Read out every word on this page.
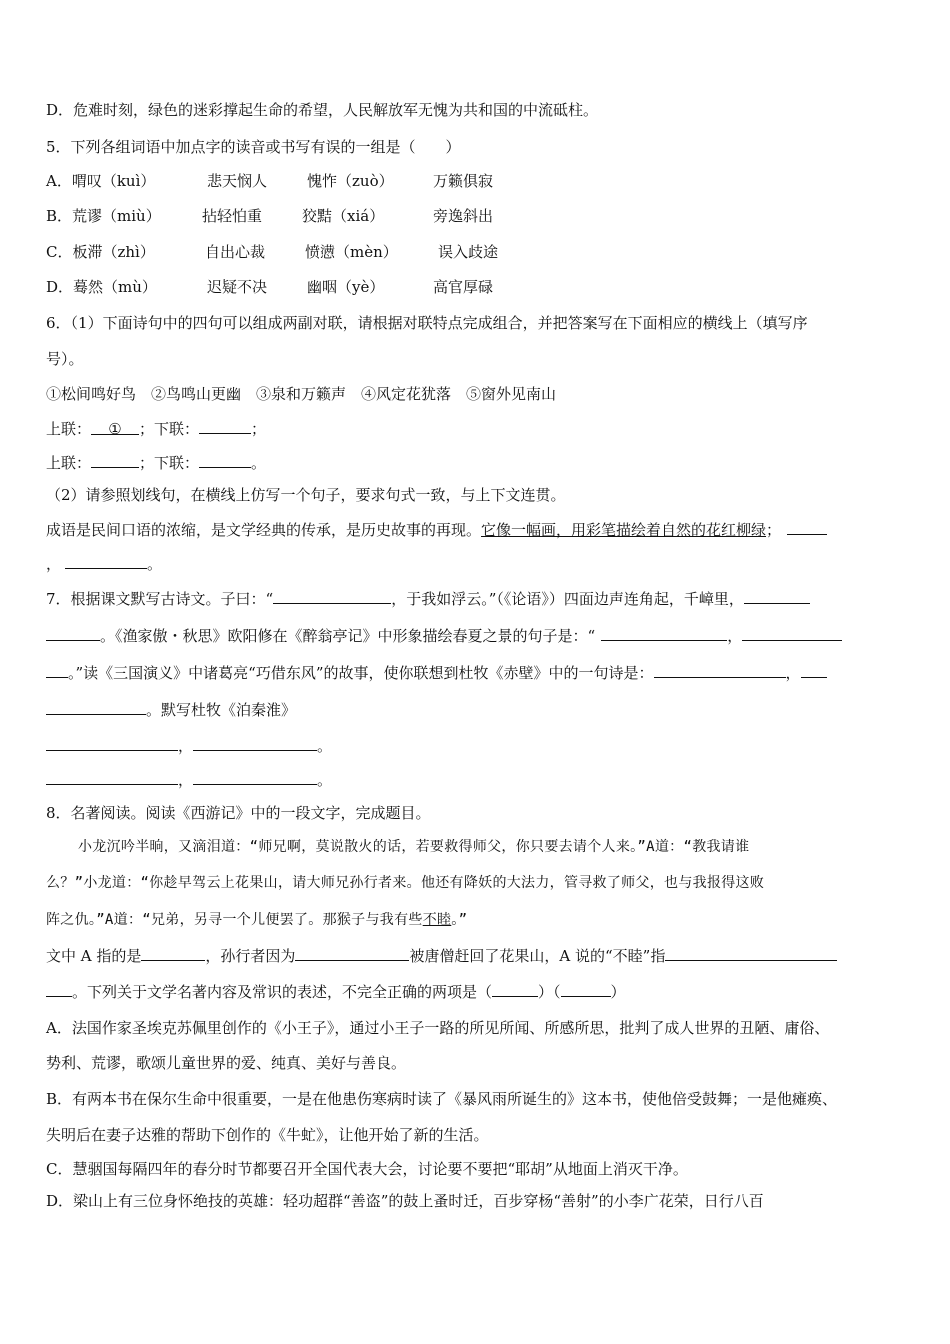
D．危难时刻，绿色的迷彩撑起生命的希望，人民解放军无愧为共和国的中流砥柱。
5．下列各组词语中加点字的读音或书写有误的一组是（　　）
A．喟叹（kuì）	悲天悯人	愧怍（zuò）	万籁俱寂
B．荒谬（miù）	拈轻怕重	狡黠（xiá）	旁逸斜出
C．板滞（zhì）	自出心裁	愤懑（mèn）	误入歧途
D．蓦然（mù）	迟疑不决	幽咽（yè）	高官厚碌
6．（1）下面诗句中的四句可以组成两副对联，请根据对联特点完成组合，并把答案写在下面相应的横线上（填写序
号）。
①松间鸣好鸟　②鸟鸣山更幽　③泉和万籁声　④风定花犹落　⑤窗外见南山
上联： ① ；下联：	；
上联：	；下联：	。
（2）请参照划线句，在横线上仿写一个句子，要求句式一致，与上下文连贯。
成语是民间口语的浓缩，是文学经典的传承，是历史故事的再现。它像一幅画，用彩笔描绘着自然的花红柳绿；
，	。
7．根据课文默写古诗文。子曰：“	，于我如浮云。”（《论语》）四面边声连角起，千嶂里，
。《渔家傲・秋思》欧阳修在《醉翁亭记》中形象描绘春夏之景的句子是：“	，
。”读《三国演义》中诸葛亮“巧借东风”的故事，使你联想到杜牧《赤壁》中的一句诗是：	，
。默写杜牧《泊秦淮》
，	。
，	。
8．名著阅读。阅读《西游记》中的一段文字，完成题目。
小龙沉吟半晌，又滴泪道：“师兄啊，莫说散火的话，若要救得师父，你只要去请个人来。”A道：“教我请谁
么？”小龙道：“你趁早驾云上花果山，请大师兄孙行者来。他还有降妖的大法力，管寻救了师父，也与我报得这败
阵之仇。”A道：“兄弟，另寻一个儿便罢了。那猴子与我有些不睦。”
文中 A 指的是	，孙行者因为	被唐僧赶回了花果山，A 说的“不睦”指
。下列关于文学名著内容及常识的表述，不完全正确的两项是（	）（	）
A．法国作家圣埃克苏佩里创作的《小王子》，通过小王子一路的所见所闻、所感所思，批判了成人世界的丑陋、庸俗、
势利、荒谬，歌颂儿童世界的爱、纯真、美好与善良。
B．有两本书在保尔生命中很重要，一是在他患伤寒病时读了《暴风雨所诞生的》这本书，使他倍受鼓舞；一是他瘫痪、
失明后在妻子达雅的帮助下创作的《牛虻》，让他开始了新的生活。
C．慧骃国每隔四年的春分时节都要召开全国代表大会，讨论要不要把“耶胡”从地面上消灭干净。
D．梁山上有三位身怀绝技的英雄：轻功超群“善盗”的鼓上蚤时迁，百步穿杨“善射”的小李广花荣，日行八百
